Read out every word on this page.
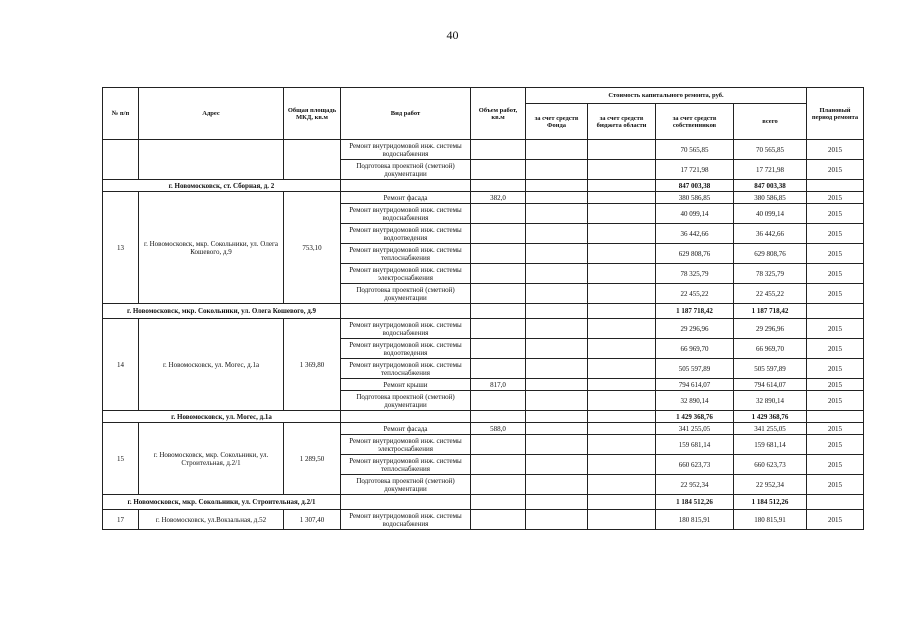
40
№ п/п	Адрес	Общая площадь МКД, кв.м	Вид работ	Объем работ, кв.м	Стоимость капитального ремонта, руб.				Плановый период ремонта
					за счет средств Фонда	за счет средств бюджета области	за счет средств собственников	всего	
			Ремонт внутридомовой инж. системы водоснабжения				70 565,85	70 565,85	2015
			Подготовка проектной (сметной) документации				17 721,98	17 721,98	2015
г. Новомосковск, ст. Сборная, д. 2							847 003,38	847 003,38	
13	г. Новомосковск, мкр. Сокольники, ул. Олега Кошевого, д.9	753,10	Ремонт фасада	382,0			380 586,85	380 586,85	2015
			Ремонт внутридомовой инж. системы водоснабжения				40 099,14	40 099,14	2015
			Ремонт внутридомовой инж. системы водоотведения				36 442,66	36 442,66	2015
			Ремонт внутридомовой инж. системы теплоснабжения				629 808,76	629 808,76	2015
			Ремонт внутридомовой инж. системы электроснабжения				78 325,79	78 325,79	2015
			Подготовка проектной (сметной) документации				22 455,22	22 455,22	2015
г. Новомосковск, мкр. Сокольники, ул. Олега Кошевого, д.9							1 187 718,42	1 187 718,42	
14	г. Новомосковск, ул. Могес, д.1а	1 369,80	Ремонт внутридомовой инж. системы водоснабжения				29 296,96	29 296,96	2015
			Ремонт внутридомовой инж. системы водоотведения				66 969,70	66 969,70	2015
			Ремонт внутридомовой инж. системы теплоснабжения				505 597,89	505 597,89	2015
			Ремонт крыши	817,0			794 614,07	794 614,07	2015
			Подготовка проектной (сметной) документации				32 890,14	32 890,14	2015
г. Новомосковск, ул. Могес, д.1а							1 429 368,76	1 429 368,76	
15	г. Новомосковск, мкр. Сокольники, ул. Строительная, д.2/1	1 289,50	Ремонт фасада	588,0			341 255,05	341 255,05	2015
			Ремонт внутридомовой инж. системы электроснабжения				159 681,14	159 681,14	2015
			Ремонт внутридомовой инж. системы теплоснабжения				660 623,73	660 623,73	2015
			Подготовка проектной (сметной) документации				22 952,34	22 952,34	2015
г. Новомосковск, мкр. Сокольники, ул. Строительная, д.2/1							1 184 512,26	1 184 512,26	
17	г. Новомосковск, ул.Вокзальная, д.52	1 307,40	Ремонт внутридомовой инж. системы водоснабжения				180 815,91	180 815,91	2015
